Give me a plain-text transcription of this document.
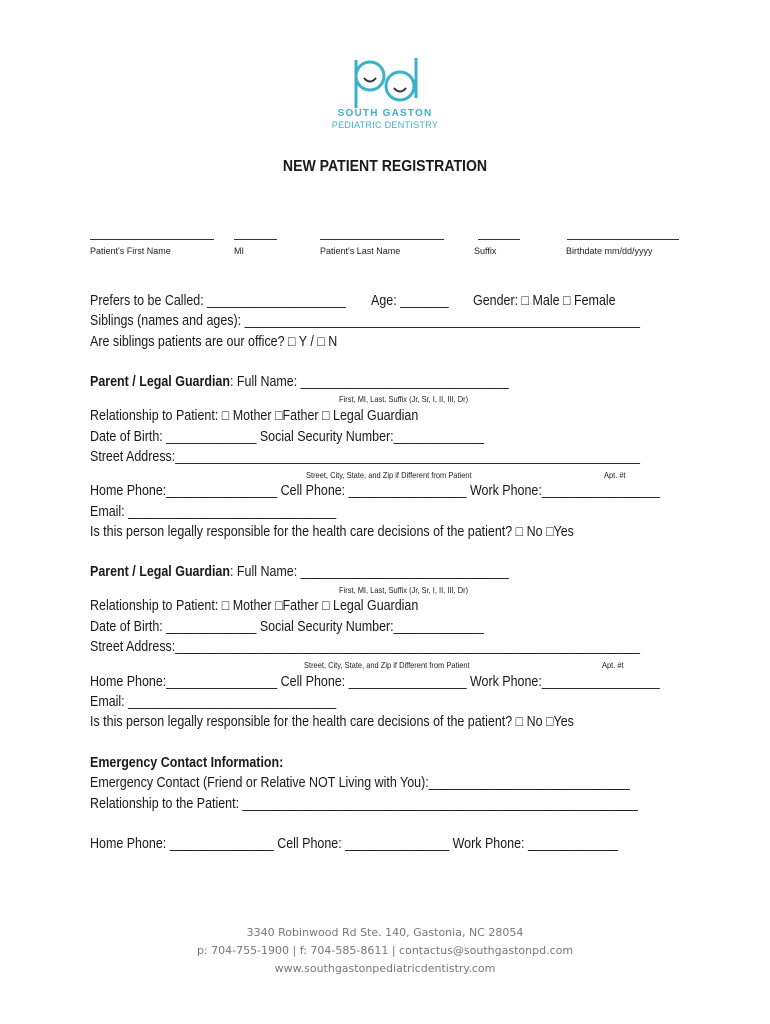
SOUTH GASTON
PEDIATRIC DENTISTRY
NEW PATIENT REGISTRATION
Patient's First Name	MI	Patient's Last Name	Suffix	Birthdate mm/dd/yyyy
Prefers to be Called: ____________________ Age: _______ Gender: □ Male □ Female
Siblings (names and ages): _________________________________________________________
Are siblings patients are our office? □ Y / □ N
Parent / Legal Guardian: Full Name: ______________________________
First, MI, Last, Suffix (Jr, Sr, I, II, III, Dr)
Relationship to Patient: □ Mother □Father □ Legal Guardian
Date of Birth: _____________ Social Security Number:_____________
Street Address:___________________________________________________________________
Street, City, State, and Zip if Different from Patient	Apt. #t
Home Phone:________________ Cell Phone: _________________ Work Phone:_________________
Email: ______________________________
Is this person legally responsible for the health care decisions of the patient? □ No □Yes
Parent / Legal Guardian: Full Name: ______________________________
First, MI, Last, Suffix (Jr, Sr, I, II, III, Dr)
Relationship to Patient: □ Mother □Father □ Legal Guardian
Date of Birth: _____________ Social Security Number:_____________
Street Address:___________________________________________________________________
Street, City, State, and Zip if Different from Patient	Apt. #t
Home Phone:________________ Cell Phone: _________________ Work Phone:_________________
Email: ______________________________
Is this person legally responsible for the health care decisions of the patient? □ No □Yes
Emergency Contact Information:
Emergency Contact (Friend or Relative NOT Living with You):_____________________________
Relationship to the Patient: _________________________________________________________
Home Phone: _______________ Cell Phone: _______________ Work Phone: _____________
3340 Robinwood Rd Ste. 140, Gastonia, NC 28054
p: 704-755-1900 | f: 704-585-8611 | contactus@southgastonpd.com
www.southgastonpediatricdentistry.com
